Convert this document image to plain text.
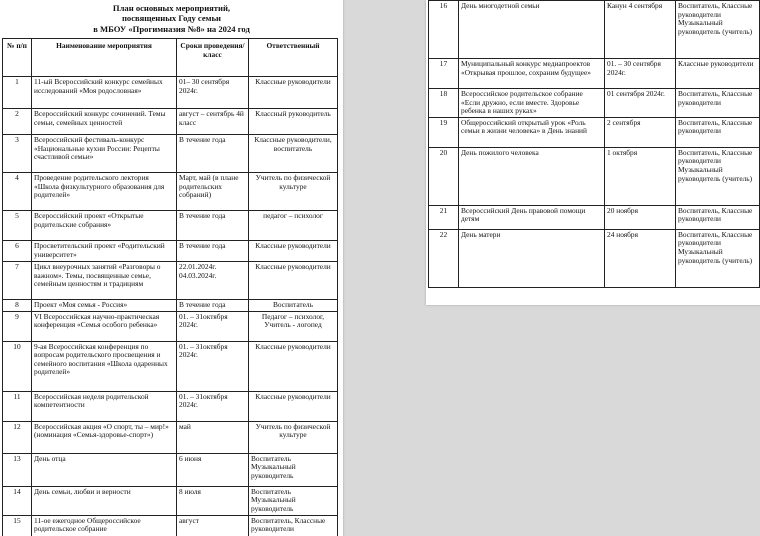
План основных мероприятий,
посвященных Году семьи
в МБОУ «Прогимназия №8» на 2024 год
№ п/п	Наименование мероприятия	Сроки проведения/ класс	Ответственный
1	11-ый Всероссийский конкурс семейных исследований «Моя родословная»	01– 30 сентября 2024г.	Классные руководители
2	Всероссийский конкурс сочинений. Темы семьи, семейных ценностей	август – сентябрь 4й класс	Классный руководитель
3	Всероссийский фестиваль-конкурс «Национальные кухни России: Рецепты счастливой семьи»	В течение года	Классные руководители, воспитатель
4	Проведение родительского лектория «Школа физкультурного образования для родителей»	Март, май (в плане родительских собраний)	Учитель по физической культуре
5	Всероссийский проект «Открытые родительские собрания»	В течение года	педагог – психолог
6	Просветительский проект «Родительский университет»	В течение года	Классные руководители
7	Цикл внеурочных занятий «Разговоры о важном». Темы, посвященные семье, семейным ценностям и традициям	22.01.2024г. 04.03.2024г.	Классные руководители
8	Проект «Моя семья - Россия»	В течение года	Воспитатель
9	VI Всероссийская научно-практическая конференция «Семья особого ребенка»	01. – 31октября 2024г.	Педагог – психолог, Учитель - логопед
10	9-ая Всероссийская конференция по вопросам родительского просвещения и семейного воспитания «Школа одаренных родителей»	01. – 31октября 2024г.	Классные руководители
11	Всероссийская неделя родительской компетентности	01. – 31октября 2024г.	Классные руководители
12	Всероссийская акция «О спорт, ты – мир!» (номинация «Семья-здоровье-спорт»)	май	Учитель по физической культуре
13	День отца	6 июня	Воспитатель Музыкальный руководитель
14	День семьи, любви и верности	8 июля	Воспитатель Музыкальный руководитель
15	11-ое ежегодное Общероссийское родительское собрание	август	Воспитатель, Классные руководители
16	День многодетной семьи	Канун 4 сентября	Воспитатель, Классные руководители Музыкальный руководитель (учитель)
17	Муниципальный конкурс медиапроектов «Открывая прошлое, сохраним будущее»	01. – 30 сентября 2024г.	Классные руководители
18	Всероссийское родительское собрание «Если дружно, если вместе. Здоровье ребенка в наших руках»	01 сентября 2024г.	Воспитатель, Классные руководители
19	Общероссийский открытый урок «Роль семьи в жизни человека» в День знаний	2 сентября	Воспитатель, Классные руководители
20	День пожилого человека	1 октября	Воспитатель, Классные руководители Музыкальный руководитель (учитель)
21	Всероссийский День правовой помощи детям	20 ноября	Воспитатель, Классные руководители
22	День матери	24 ноября	Воспитатель, Классные руководители Музыкальный руководитель (учитель)
